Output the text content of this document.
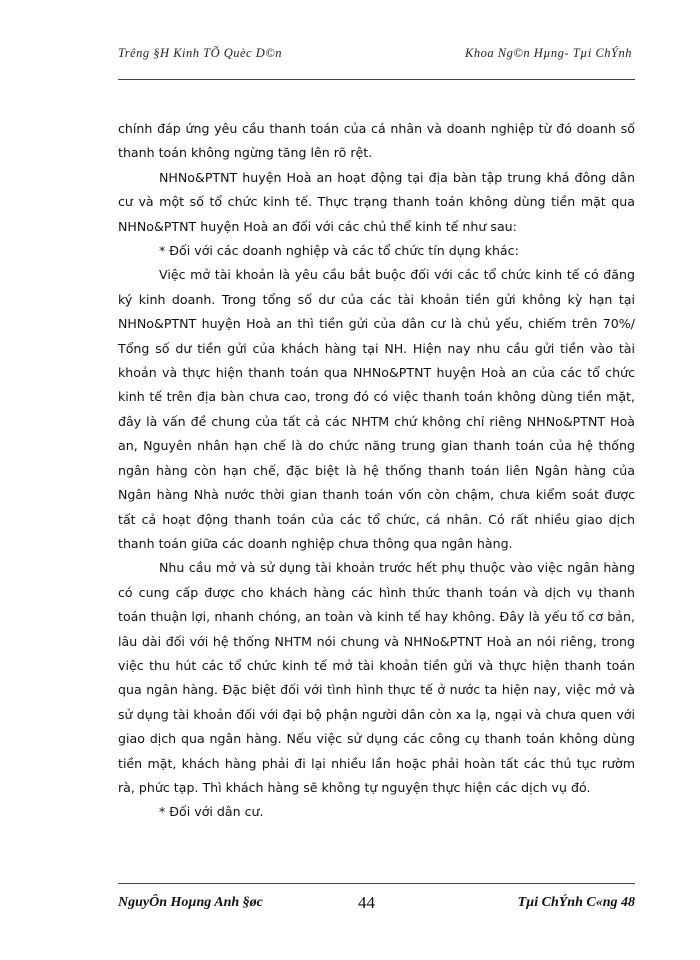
Trêng §H Kinh TÕ Quèc D©n	Khoa Ng©n Hµng- Tµi ChÝnh

chính đáp ứng yêu cầu thanh toán của cá nhân và doanh nghiệp từ đó doanh số thanh toán không ngừng tăng lên rõ rệt.

NHNo&PTNT huyện Hoà an hoạt động tại địa bàn tập trung khá đông dân cư và một số tổ chức kinh tế. Thực trạng thanh toán không dùng tiền mặt qua NHNo&PTNT huyện Hoà an đối với các chủ thể kinh tế như sau:

* Đối với các doanh nghiệp và các tổ chức tín dụng khác:

Việc mở tài khoản là yêu cầu bắt buộc đối với các tổ chức kinh tế có đăng ký kinh doanh. Trong tổng số dư của các tài khoản tiền gửi không kỳ hạn tại NHNo&PTNT huyện Hoà an thì tiền gửi của dân cư là chủ yếu, chiếm trên 70%/ Tổng số dư tiền gửi của khách hàng tại NH. Hiện nay nhu cầu gửi tiền vào tài khoản và thực hiện thanh toán qua NHNo&PTNT huyện Hoà an của các tổ chức kinh tế trên địa bàn chưa cao, trong đó có việc thanh toán không dùng tiền mặt, đây là vấn đề chung của tất cả các NHTM chứ không chỉ riêng NHNo&PTNT Hoà an, Nguyên nhân hạn chế là do chức năng trung gian thanh toán của hệ thống ngân hàng còn hạn chế, đặc biệt là hệ thống thanh toán liên Ngân hàng của Ngân hàng Nhà nước thời gian thanh toán vốn còn chậm, chưa kiểm soát được tất cả hoạt động thanh toán của các tổ chức, cá nhân. Có rất nhiều giao dịch thanh toán giữa các doanh nghiệp chưa thông qua ngân hàng.

Nhu cầu mở và sử dụng tài khoản trước hết phụ thuộc vào việc ngân hàng có cung cấp được cho khách hàng các hình thức thanh toán và dịch vụ thanh toán thuận lợi, nhanh chóng, an toàn và kinh tế hay không. Đây là yếu tố cơ bản, lâu dài đối với hệ thống NHTM nói chung và NHNo&PTNT Hoà an nói riêng, trong việc thu hút các tổ chức kinh tế mở tài khoản tiền gửi và thực hiện thanh toán qua ngân hàng. Đặc biệt đối với tình hình thực tế ở nước ta hiện nay, việc mở và sử dụng tài khoản đối với đại bộ phận người dân còn xa lạ, ngại và chưa quen với giao dịch qua ngân hàng. Nếu việc sử dụng các công cụ thanh toán không dùng tiền mặt, khách hàng phải đi lại nhiều lần hoặc phải hoàn tất các thủ tục rườm rà, phức tạp. Thì khách hàng sẽ không tự nguyện thực hiện các dịch vụ đó.

* Đối với dân cư.

NguyÔn Hoµng Anh §øc	44	Tµi ChÝnh C«ng 48
